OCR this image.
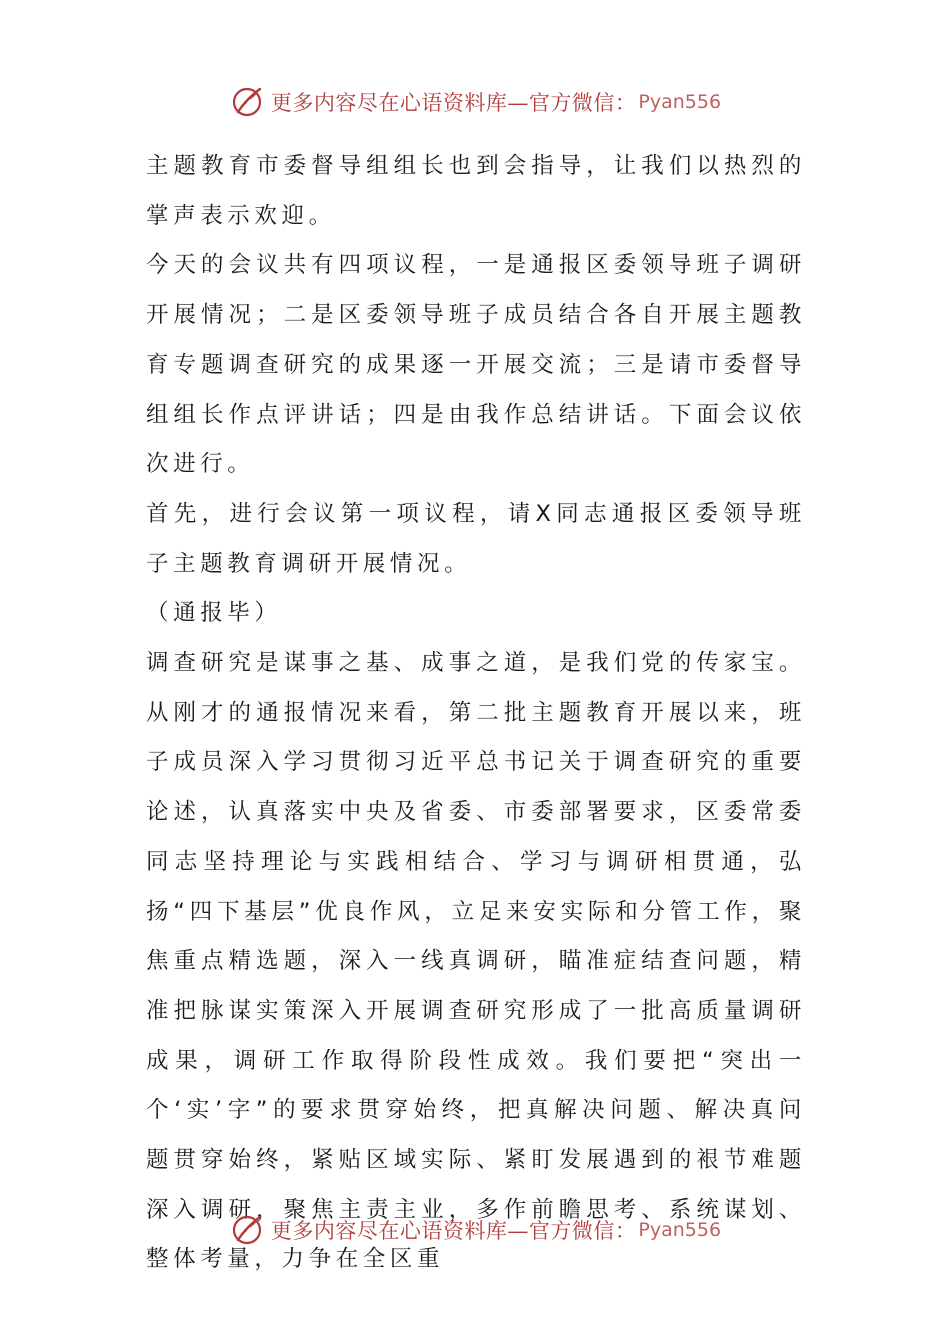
更多内容尽在心语资料库—官方微信： Pyan556

主题教育市委督导组组长也到会指导，让我们以热烈的掌声表示欢迎。

今天的会议共有四项议程，一是通报区委领导班子调研开展情况；二是区委领导班子成员结合各自开展主题教育专题调查研究的成果逐一开展交流；三是请市委督导组组长作点评讲话；四是由我作总结讲话。下面会议依次进行。

首先，进行会议第一项议程，请X同志通报区委领导班子主题教育调研开展情况。

（通报毕）

调查研究是谋事之基、成事之道，是我们党的传家宝。从刚才的通报情况来看，第二批主题教育开展以来，班子成员深入学习贯彻习近平总书记关于调查研究的重要论述，认真落实中央及省委、市委部署要求，区委常委同志坚持理论与实践相结合、学习与调研相贯通，弘扬“四下基层”优良作风，立足来安实际和分管工作，聚焦重点精选题，深入一线真调研，瞄准症结查问题，精准把脉谋实策深入开展调查研究形成了一批高质量调研成果，调研工作取得阶段性成效。我们要把“突出一个‘实’字”的要求贯穿始终，把真解决问题、解决真问题贯穿始终，紧贴区域实际、紧盯发展遇到的裉节难题深入调研，聚焦主责主业，多作前瞻思考、系统谋划、整体考量，力争在全区重

更多内容尽在心语资料库—官方微信： Pyan556
